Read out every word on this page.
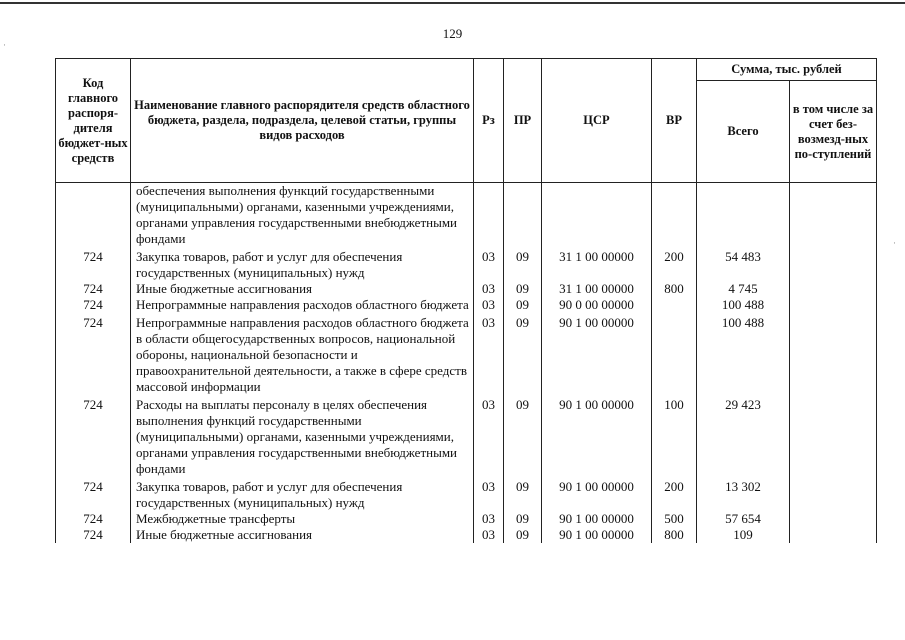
129
Код главного распоря-дителя бюджет-ных средств	Наименование главного распорядителя средств областного бюджета, раздела, подраздела, целевой статьи, группы видов расходов	Рз	ПР	ЦСР	ВР	Сумма, тыс. рублей	
						Всего	в том числе за счет без-возмезд-ных по-ступлений
	обеспечения выполнения функций государственными (муниципальными) органами, казенными учреждениями, органами управления государственными внебюджетными фондами						
724	Закупка товаров, работ и услуг для обеспечения государственных (муниципальных) нужд	03	09	31 1 00 00000	200	54 483	
724	Иные бюджетные ассигнования	03	09	31 1 00 00000	800	4 745	
724	Непрограммные направления расходов областного бюджета	03	09	90 0 00 00000		100 488	
724	Непрограммные направления расходов областного бюджета в области общегосударственных вопросов, национальной обороны, национальной безопасности и правоохранительной деятельности, а также в сфере средств массовой информации	03	09	90 1 00 00000		100 488	
724	Расходы на выплаты персоналу в целях обеспечения выполнения функций государственными (муниципальными) органами, казенными учреждениями, органами управления государственными внебюджетными фондами	03	09	90 1 00 00000	100	29 423	
724	Закупка товаров, работ и услуг для обеспечения государственных (муниципальных) нужд	03	09	90 1 00 00000	200	13 302	
724	Межбюджетные трансферты	03	09	90 1 00 00000	500	57 654	
724	Иные бюджетные ассигнования	03	09	90 1 00 00000	800	109	
·
·
